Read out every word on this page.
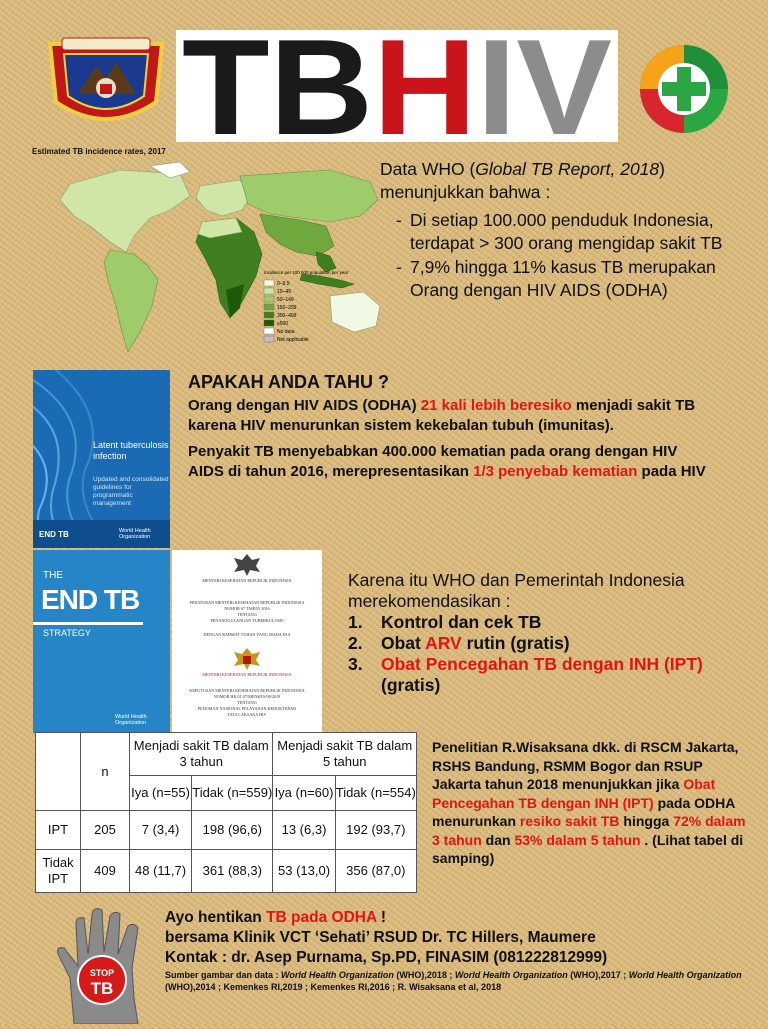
TBHIV
Estimated TB incidence rates, 2017
Incidence per 100 000 population per year
0–9.9
10–49
50–149
150–299
300–499
≥500
No data
Not applicable
Data WHO (Global TB Report, 2018) menunjukkan bahwa :
- Di setiap 100.000 penduduk Indonesia, terdapat > 300 orang mengidap sakit TB
- 7,9% hingga 11% kasus TB merupakan Orang dengan HIV AIDS (ODHA)
Latent tuberculosis infection
Updated and consolidated guidelines for programmatic management
END TB	World Health Organization
APAKAH ANDA TAHU ?

Orang dengan HIV AIDS (ODHA) 21 kali lebih beresiko menjadi sakit TB karena HIV menurunkan sistem kekebalan tubuh (imunitas).

Penyakit TB menyebabkan 400.000 kematian pada orang dengan HIV AIDS di tahun 2016, merepresentasikan 1/3 penyebab kematian pada HIV

THE
END TB
STRATEGY
World Health Organization
MENTERI KESEHATAN REPUBLIK INDONESIA
PERATURAN MENTERI KESEHATAN REPUBLIK INDONESIA
NOMOR 67 TAHUN 2016
TENTANG
PENANGGULANGAN TUBERKULOSIS
DENGAN RAHMAT TUHAN YANG MAHA ESA
MENTERI KESEHATAN REPUBLIK INDONESIA
KEPUTUSAN MENTERI KESEHATAN REPUBLIK INDONESIA
NOMOR HK.01.07/MENKES/90/2019
TENTANG
PEDOMAN NASIONAL PELAYANAN KEDOKTERAN
TATA LAKSANA HIV
Karena itu WHO dan Pemerintah Indonesia merekomendasikan :
1. Kontrol dan cek TB
2. Obat ARV rutin (gratis)
3. Obat Pencegahan TB dengan INH (IPT) (gratis)
	n	Menjadi sakit TB dalam 3 tahun		Menjadi sakit TB dalam 5 tahun	
		Iya (n=55)	Tidak (n=559)	Iya (n=60)	Tidak (n=554)
IPT	205	7 (3,4)	198 (96,6)	13 (6,3)	192 (93,7)
Tidak IPT	409	48 (11,7)	361 (88,3)	53 (13,0)	356 (87,0)
Penelitian R.Wisaksana dkk. di RSCM Jakarta, RSHS Bandung, RSMM Bogor dan RSUP Jakarta tahun 2018 menunjukkan jika Obat Pencegahan TB dengan INH (IPT) pada ODHA menurunkan resiko sakit TB hingga 72% dalam 3 tahun dan 53% dalam 5 tahun . (Lihat tabel di samping)
STOP
TB
Ayo hentikan TB pada ODHA !
bersama Klinik VCT ‘Sehati’ RSUD Dr. TC Hillers, Maumere
Kontak : dr. Asep Purnama, Sp.PD, FINASIM (081222812999)
Sumber gambar dan data : World Health Organization (WHO),2018 ; World Health Organization (WHO),2017 ; World Health Organization (WHO),2014 ; Kemenkes RI,2019 ; Kemenkes RI,2016 ; R. Wisaksana et al, 2018
